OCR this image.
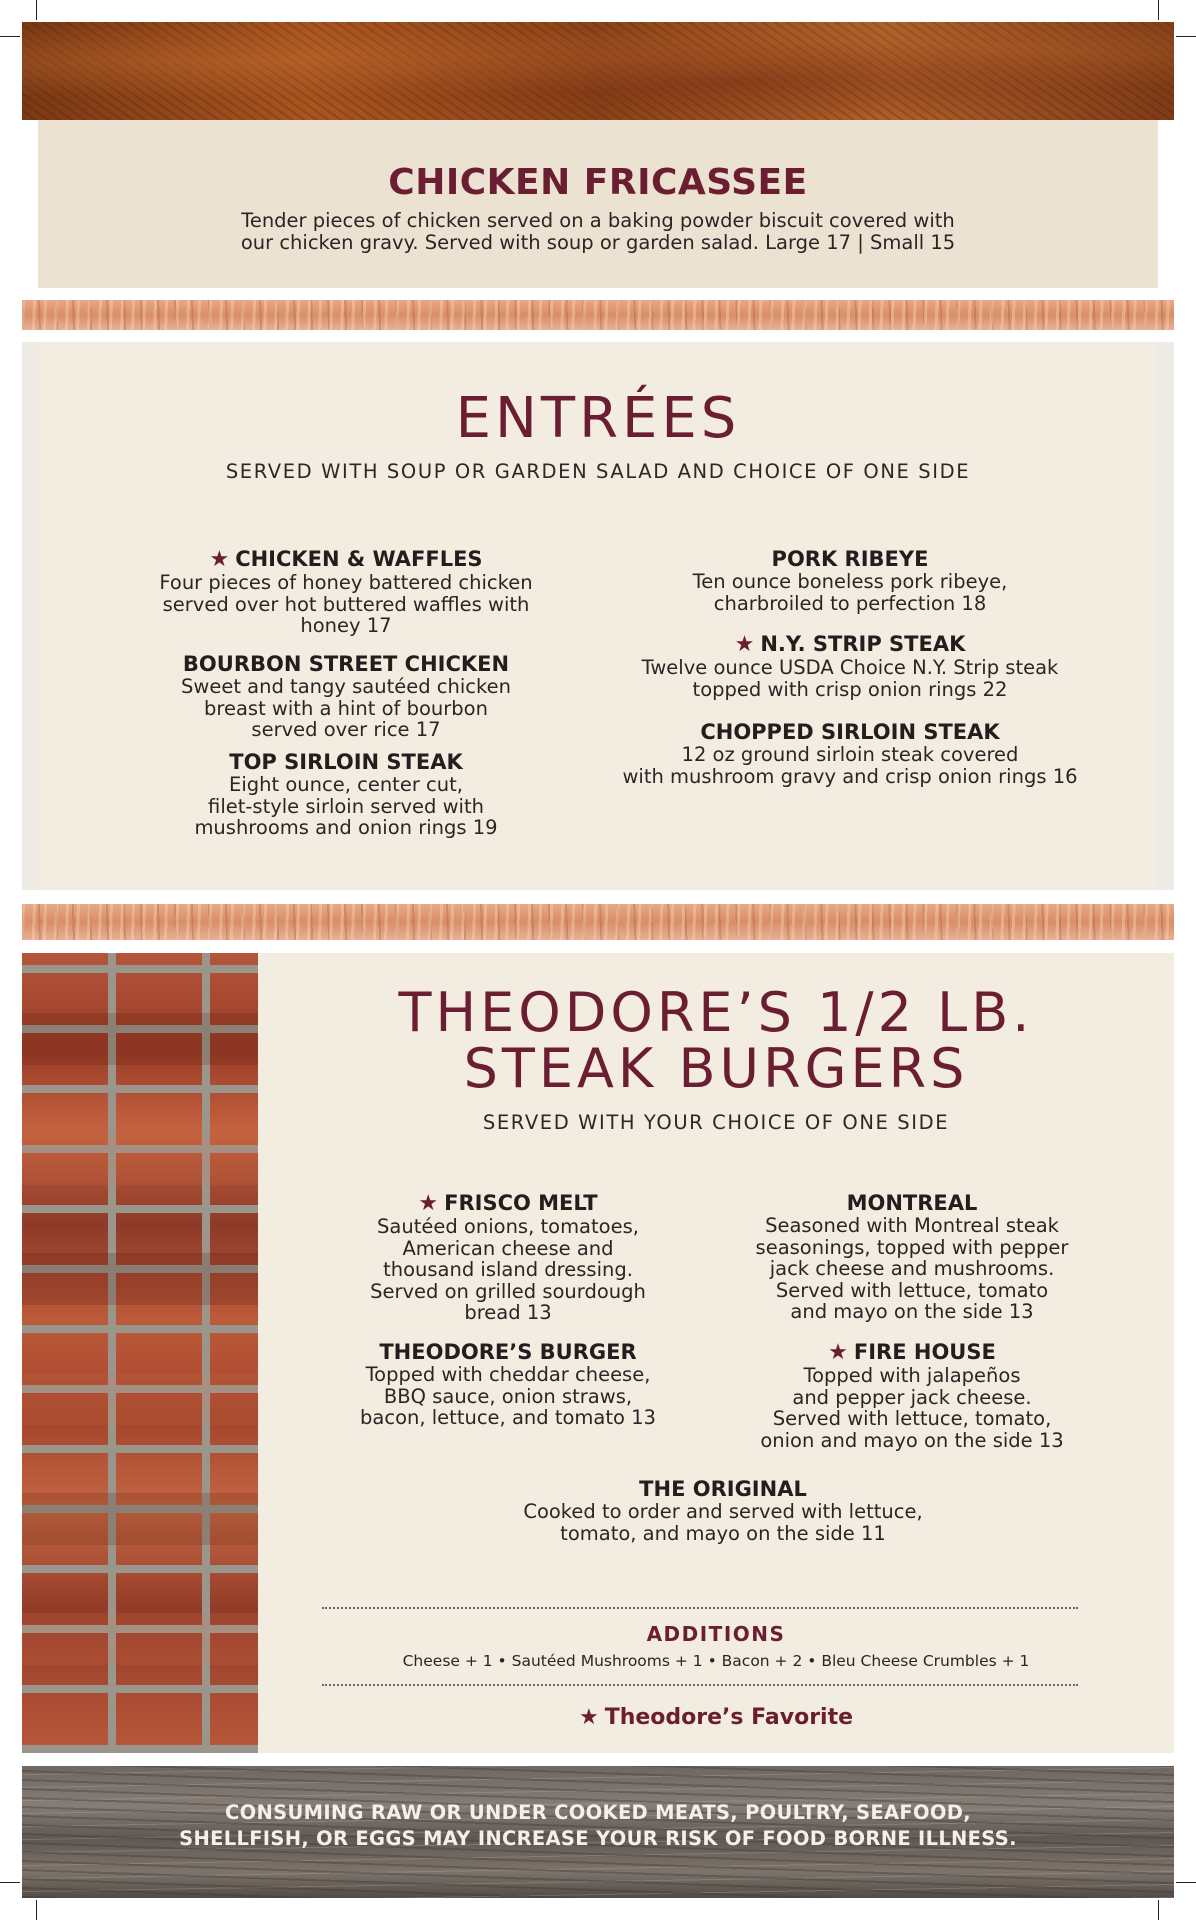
CHICKEN FRICASSEE
Tender pieces of chicken served on a baking powder biscuit covered with
our chicken gravy. Served with soup or garden salad. Large 17 | Small 15
ENTRÉES
SERVED WITH SOUP OR GARDEN SALAD AND CHOICE OF ONE SIDE
★ CHICKEN & WAFFLES
Four pieces of honey battered chicken
served over hot buttered waffles with
honey 17
BOURBON STREET CHICKEN
Sweet and tangy sautéed chicken
breast with a hint of bourbon
served over rice 17
TOP SIRLOIN STEAK
Eight ounce, center cut,
filet-style sirloin served with
mushrooms and onion rings 19
PORK RIBEYE
Ten ounce boneless pork ribeye,
charbroiled to perfection 18
★ N.Y. STRIP STEAK
Twelve ounce USDA Choice N.Y. Strip steak
topped with crisp onion rings 22
CHOPPED SIRLOIN STEAK
12 oz ground sirloin steak covered
with mushroom gravy and crisp onion rings 16
THEODORE’S 1/2 LB.
STEAK BURGERS
SERVED WITH YOUR CHOICE OF ONE SIDE
★ FRISCO MELT
Sautéed onions, tomatoes,
American cheese and
thousand island dressing.
Served on grilled sourdough
bread 13
THEODORE’S BURGER
Topped with cheddar cheese,
BBQ sauce, onion straws,
bacon, lettuce, and tomato 13
MONTREAL
Seasoned with Montreal steak
seasonings, topped with pepper
jack cheese and mushrooms.
Served with lettuce, tomato
and mayo on the side 13
★ FIRE HOUSE
Topped with jalapeños
and pepper jack cheese.
Served with lettuce, tomato,
onion and mayo on the side 13
THE ORIGINAL
Cooked to order and served with lettuce,
tomato, and mayo on the side 11
ADDITIONS
Cheese + 1 • Sautéed Mushrooms + 1 • Bacon + 2 • Bleu Cheese Crumbles + 1
★ Theodore’s Favorite
CONSUMING RAW OR UNDER COOKED MEATS, POULTRY, SEAFOOD,
SHELLFISH, OR EGGS MAY INCREASE YOUR RISK OF FOOD BORNE ILLNESS.
